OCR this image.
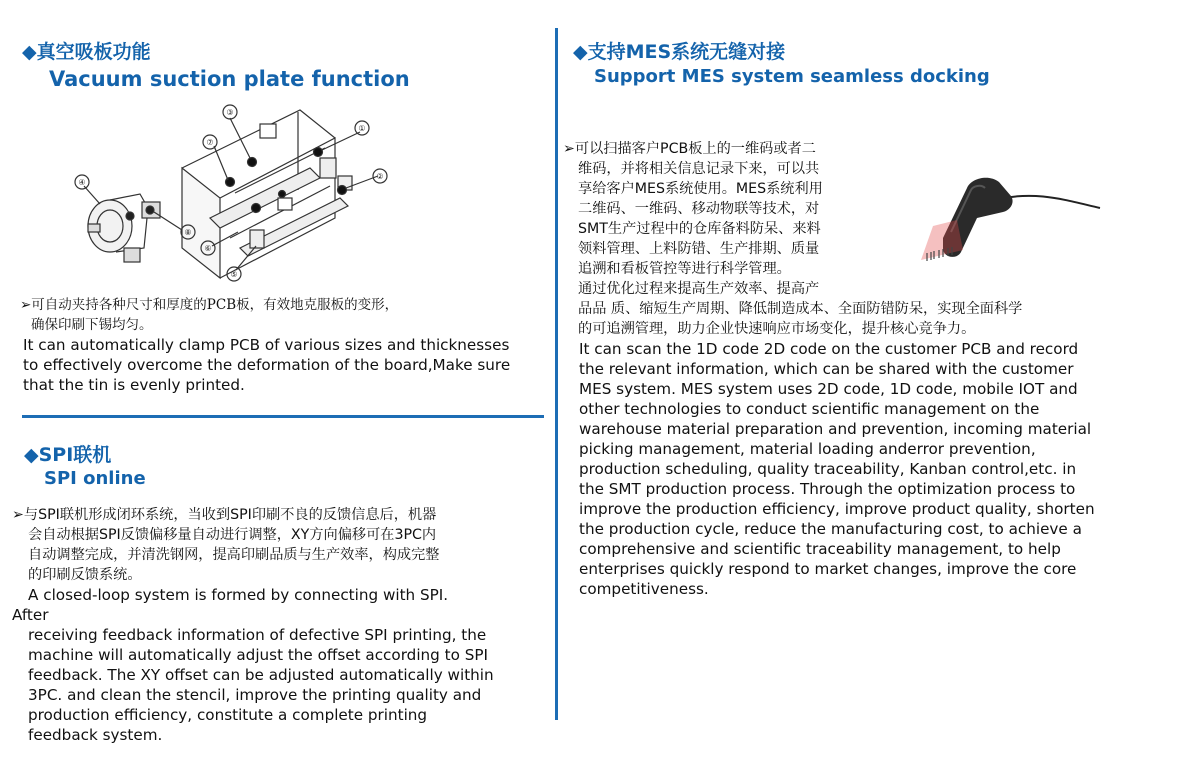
◆真空吸板功能
Vacuum suction plate function
③
①
②
⑦
⑧
⑥
⑤
④
➢可自动夹持各种尺寸和厚度的PCB板，有效地克服板的变形，
确保印刷下锡均匀。
It can automatically clamp PCB of various sizes and thicknesses
to effectively overcome the deformation of the board,Make sure
that the tin is evenly printed.
◆SPI联机
SPI online
➢与SPI联机形成闭环系统，当收到SPI印刷不良的反馈信息后，机器
会自动根据SPI反馈偏移量自动进行调整，XY方向偏移可在3PC内
自动调整完成，并清洗钢网，提高印刷品质与生产效率，构成完整
的印刷反馈系统。
A closed-loop system is formed by connecting with SPI.
After
receiving feedback information of defective SPI printing, the
machine will automatically adjust the offset according to SPI
feedback. The XY offset can be adjusted automatically within
3PC. and clean the stencil, improve the printing quality and
production efficiency, constitute a complete printing
feedback system.
◆支持MES系统无缝对接
Support MES system seamless docking
➢可以扫描客户PCB板上的一维码或者二
维码，并将相关信息记录下来，可以共
享给客户MES系统使用。MES系统利用
二维码、一维码、移动物联等技术，对
SMT生产过程中的仓库备料防呆、来料
领料管理、上料防错、生产排期、质量
追溯和看板管控等进行科学管理。
通过优化过程来提高生产效率、提高产
品品 质、缩短生产周期、降低制造成本、全面防错防呆，实现全面科学
的可追溯管理，助力企业快速响应市场变化，提升核心竞争力。
It can scan the 1D code 2D code on the customer PCB and record
the relevant information, which can be shared with the customer
MES system. MES system uses 2D code, 1D code, mobile IOT and
other technologies to conduct scientific management on the
warehouse material preparation and prevention, incoming material
picking management, material loading anderror prevention,
production scheduling, quality traceability, Kanban control,etc. in
the SMT production process. Through the optimization process to
improve the production efficiency, improve product quality, shorten
the production cycle, reduce the manufacturing cost, to achieve a
comprehensive and scientific traceability management, to help
enterprises quickly respond to market changes, improve the core
competitiveness.
